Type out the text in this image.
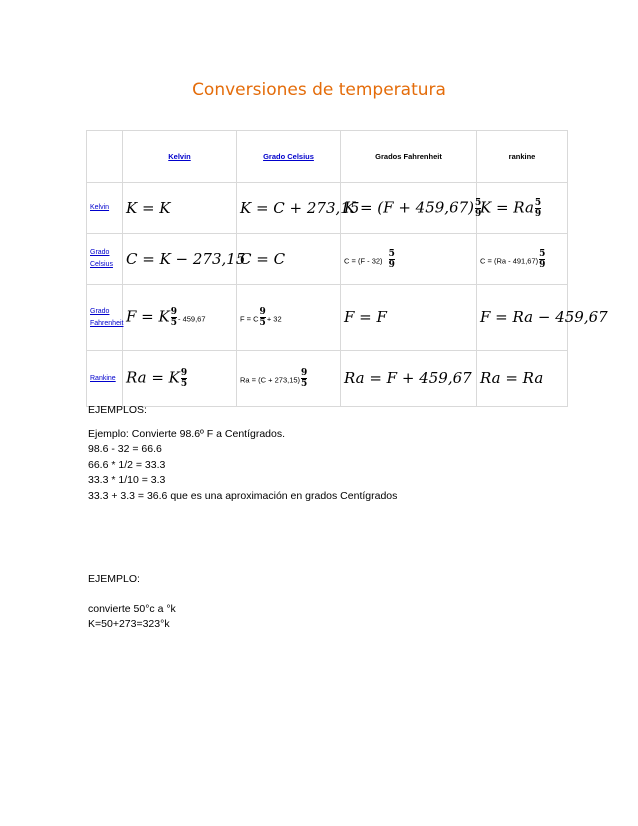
Conversiones de temperatura
	Kelvin	Grado Celsius	Grados Fahrenheit	rankine
Kelvin	K = K	K = C + 273,15	$K = (F + 459,67) \frac{5}{9}$	K = Ra $\frac{5}{9}$

Grado Celsius	C = K − 273,15	C = C	$C = (F - 32) \frac{5}{9}$	$C = (Ra - 491,67) \frac{5}{9}$

Grado Fahrenheit	F = K $\frac{9}{5} - 459,67$	F = C $\frac{9}{5} + 32$	F = F	F = Ra − 459,67
Rankine	Ra = K $\frac{9}{5}$	$Ra = (C + 273,15) \frac{9}{5}$	Ra = F + 459,67	Ra = Ra
EJEMPLOS:
Ejemplo: Convierte 98.6º F a Centígrados.
98.6 - 32 = 66.6
66.6 * 1/2 = 33.3
33.3 * 1/10 = 3.3
33.3 + 3.3 = 36.6 que es una aproximación en grados Centígrados
EJEMPLO:
convierte 50°c a °k
K=50+273=323°k
